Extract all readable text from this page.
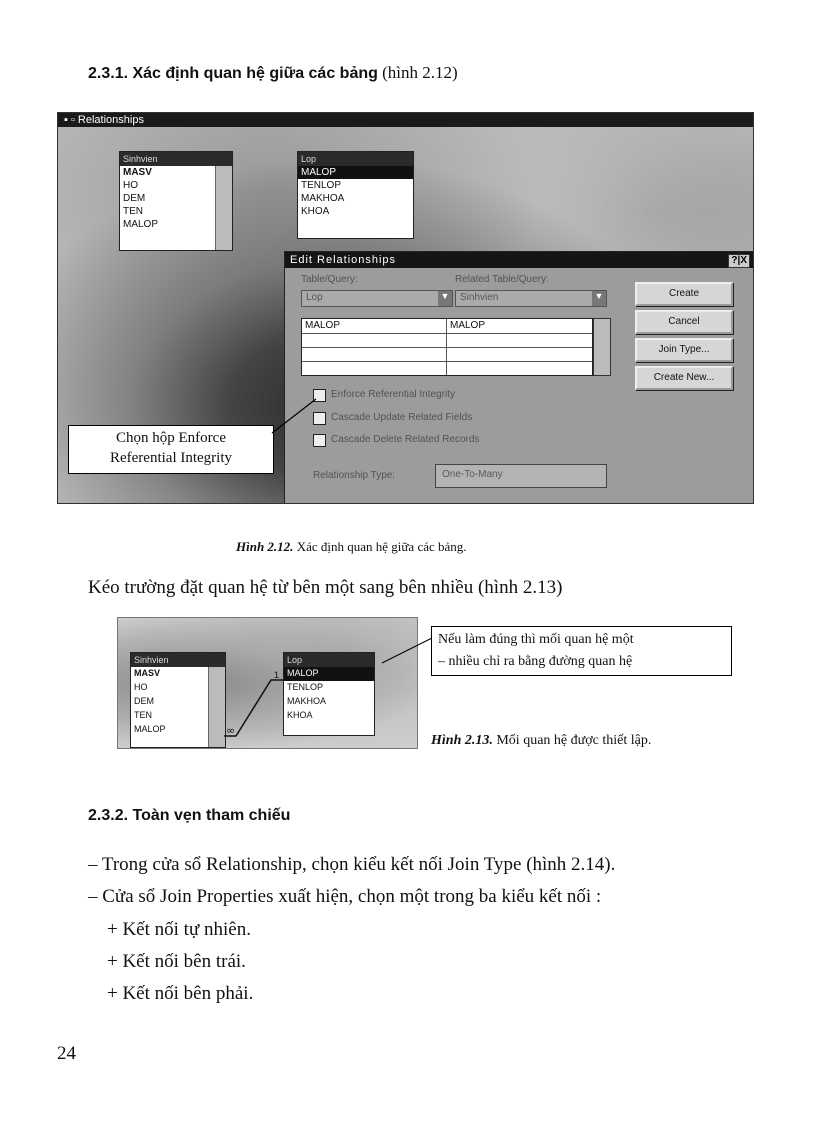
2.3.1. Xác định quan hệ giữa các bảng (hình 2.12)
▪ ▫ Relationships
Sinhvien
MASV
HO
DEM
TEN
MALOP
Lop
MALOP
TENLOP
MAKHOA
KHOA
Edit Relationships	?|X
Table/Query:	Related Table/Query:
Lop	▼ Sinhvien	▼
MALOP	MALOP
Create
Cancel
Join Type...
Create New...
Enforce Referential Integrity
Cascade Update Related Fields
Cascade Delete Related Records
Relationship Type:	One-To-Many
Chọn hộp Enforce
Referential Integrity
Hình 2.12. Xác định quan hệ giữa các bảng.
Kéo trường đặt quan hệ từ bên một sang bên nhiều (hình 2.13)
Sinhvien
MASV
HO
DEM
TEN
MALOP
Lop
MALOP
TENLOP
MAKHOA
KHOA
1
∞
Nếu làm đúng thì mối quan hệ một
– nhiều chỉ ra bằng đường quan hệ
Hình 2.13. Mối quan hệ được thiết lập.
2.3.2. Toàn vẹn tham chiếu
– Trong cửa sổ Relationship, chọn kiểu kết nối Join Type (hình 2.14).
– Cửa sổ Join Properties xuất hiện, chọn một trong ba kiểu kết nối :
+ Kết nối tự nhiên.
+ Kết nối bên trái.
+ Kết nối bên phải.
24
